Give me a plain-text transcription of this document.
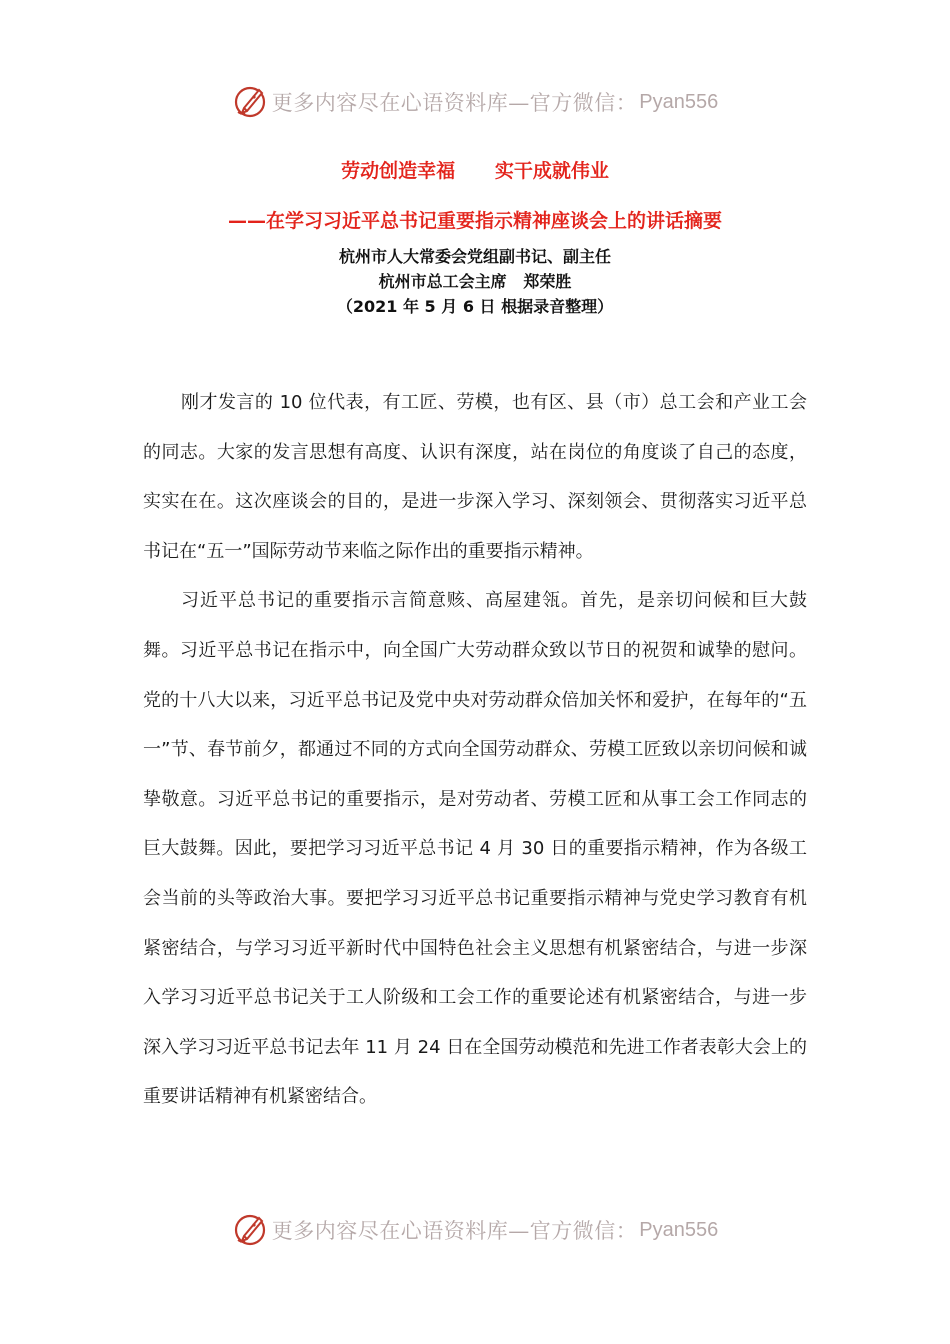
更多内容尽在心语资料库—官方微信： Pyan556
劳动创造幸福      实干成就伟业
——在学习习近平总书记重要指示精神座谈会上的讲话摘要
杭州市人大常委会党组副书记、副主任
杭州市总工会主席   郑荣胜
（2021 年 5 月 6 日 根据录音整理）

刚才发言的 10 位代表，有工匠、劳模，也有区、县（市）总工会和产业工会的同志。大家的发言思想有高度、认识有深度，站在岗位的角度谈了自己的态度，实实在在。这次座谈会的目的，是进一步深入学习、深刻领会、贯彻落实习近平总书记在“五一”国际劳动节来临之际作出的重要指示精神。

习近平总书记的重要指示言简意赅、高屋建瓴。首先，是亲切问候和巨大鼓舞。习近平总书记在指示中，向全国广大劳动群众致以节日的祝贺和诚挚的慰问。党的十八大以来，习近平总书记及党中央对劳动群众倍加关怀和爱护，在每年的“五一”节、春节前夕，都通过不同的方式向全国劳动群众、劳模工匠致以亲切问候和诚挚敬意。习近平总书记的重要指示，是对劳动者、劳模工匠和从事工会工作同志的巨大鼓舞。因此，要把学习习近平总书记 4 月 30 日的重要指示精神，作为各级工会当前的头等政治大事。要把学习习近平总书记重要指示精神与党史学习教育有机紧密结合，与学习习近平新时代中国特色社会主义思想有机紧密结合，与进一步深入学习习近平总书记关于工人阶级和工会工作的重要论述有机紧密结合，与进一步深入学习习近平总书记去年 11 月 24 日在全国劳动模范和先进工作者表彰大会上的重要讲话精神有机紧密结合。

更多内容尽在心语资料库—官方微信： Pyan556
